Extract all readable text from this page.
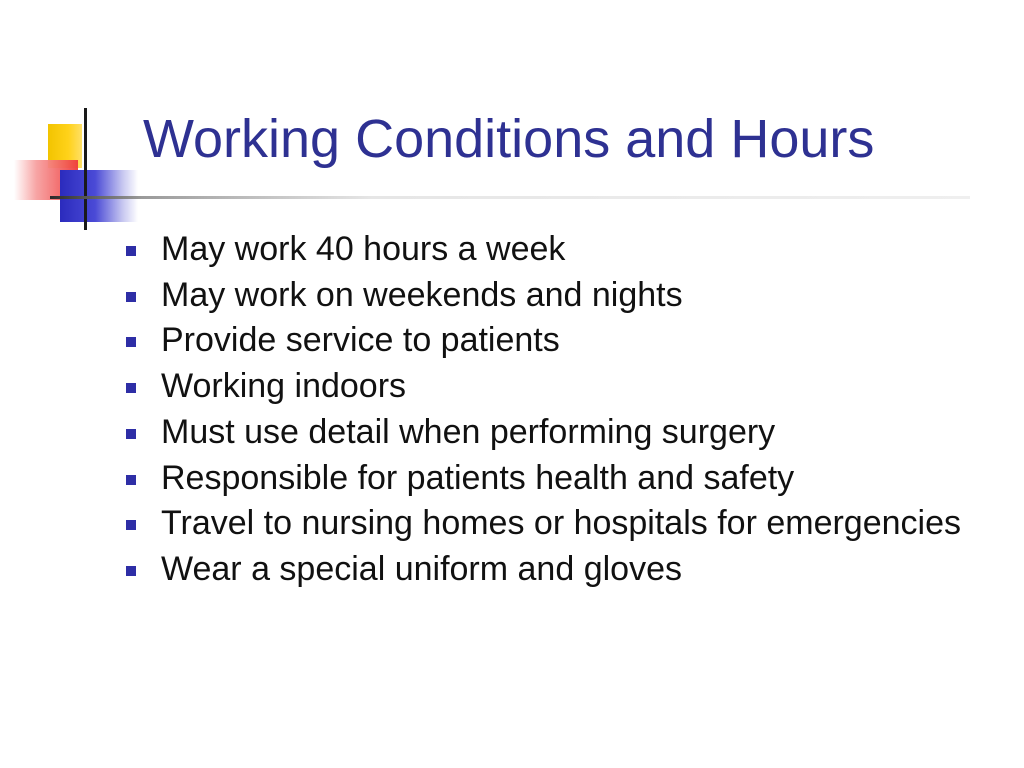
Working Conditions and Hours
May work 40 hours a week
May work on weekends and nights
Provide service to patients
Working indoors
Must use detail when performing surgery
Responsible for patients health and safety
Travel to nursing homes or hospitals for emergencies
Wear a special uniform and gloves
